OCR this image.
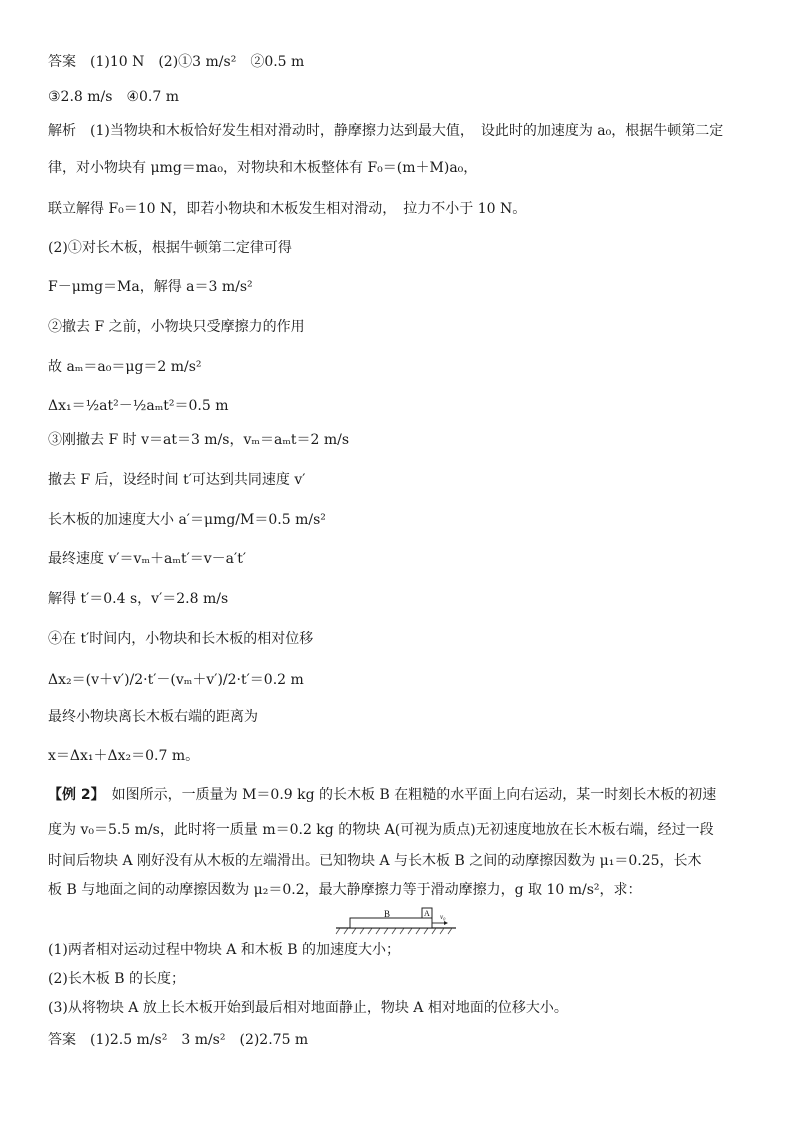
答案　 (1)10 N　(2)①3 m/s²　②0.5 m
③2.8 m/s　④0.7 m
解析　 (1)当物块和木板恰好发生相对滑动时，静摩擦力达到最大值，　设此时的加速度为 a₀，根据牛顿第二定
律，对小物块有 μmg＝ma₀，对物块和木板整体有 F₀＝(m＋M)a₀，
联立解得 F₀＝10 N，即若小物块和木板发生相对滑动，　拉力不小于 10 N。
(2)①对长木板，根据牛顿第二定律可得
F－μmg＝Ma，解得 a＝3 m/s²
②撤去 F 之前，小物块只受摩擦力的作用
故 aₘ＝a₀＝μg＝2 m/s²
Δx₁＝½at²－½aₘt²＝0.5 m
③刚撤去 F 时 v＝at＝3 m/s，vₘ＝aₘt＝2 m/s
撤去 F 后，设经时间 t′可达到共同速度 v′
长木板的加速度大小 a′＝μmg/M＝0.5 m/s²
最终速度 v′＝vₘ＋aₘt′＝v－a′t′
解得 t′＝0.4 s，v′＝2.8 m/s
④在 t′时间内，小物块和长木板的相对位移
Δx₂＝(v＋v′)/2·t′－(vₘ＋v′)/2·t′＝0.2 m
最终小物块离长木板右端的距离为
x＝Δx₁＋Δx₂＝0.7 m。
【例 2】　 如图所示，一质量为 M＝0.9 kg 的长木板 B 在粗糙的水平面上向右运动，某一时刻长木板的初速
度为 v₀＝5.5 m/s，此时将一质量 m＝0.2 kg 的物块 A(可视为质点)无初速度地放在长木板右端，经过一段
时间后物块 A 刚好没有从木板的左端滑出。已知物块 A 与长木板 B 之间的动摩擦因数为 μ₁＝0.25，长木
板 B 与地面之间的动摩擦因数为 μ₂＝0.2，最大静摩擦力等于滑动摩擦力，g 取 10 m/s²，求：
B	A v₀
(1)两者相对运动过程中物块 A 和木板 B 的加速度大小；
(2)长木板 B 的长度；
(3)从将物块 A 放上长木板开始到最后相对地面静止，物块 A 相对地面的位移大小。
答案　 (1)2.5 m/s²　3 m/s²　(2)2.75 m
